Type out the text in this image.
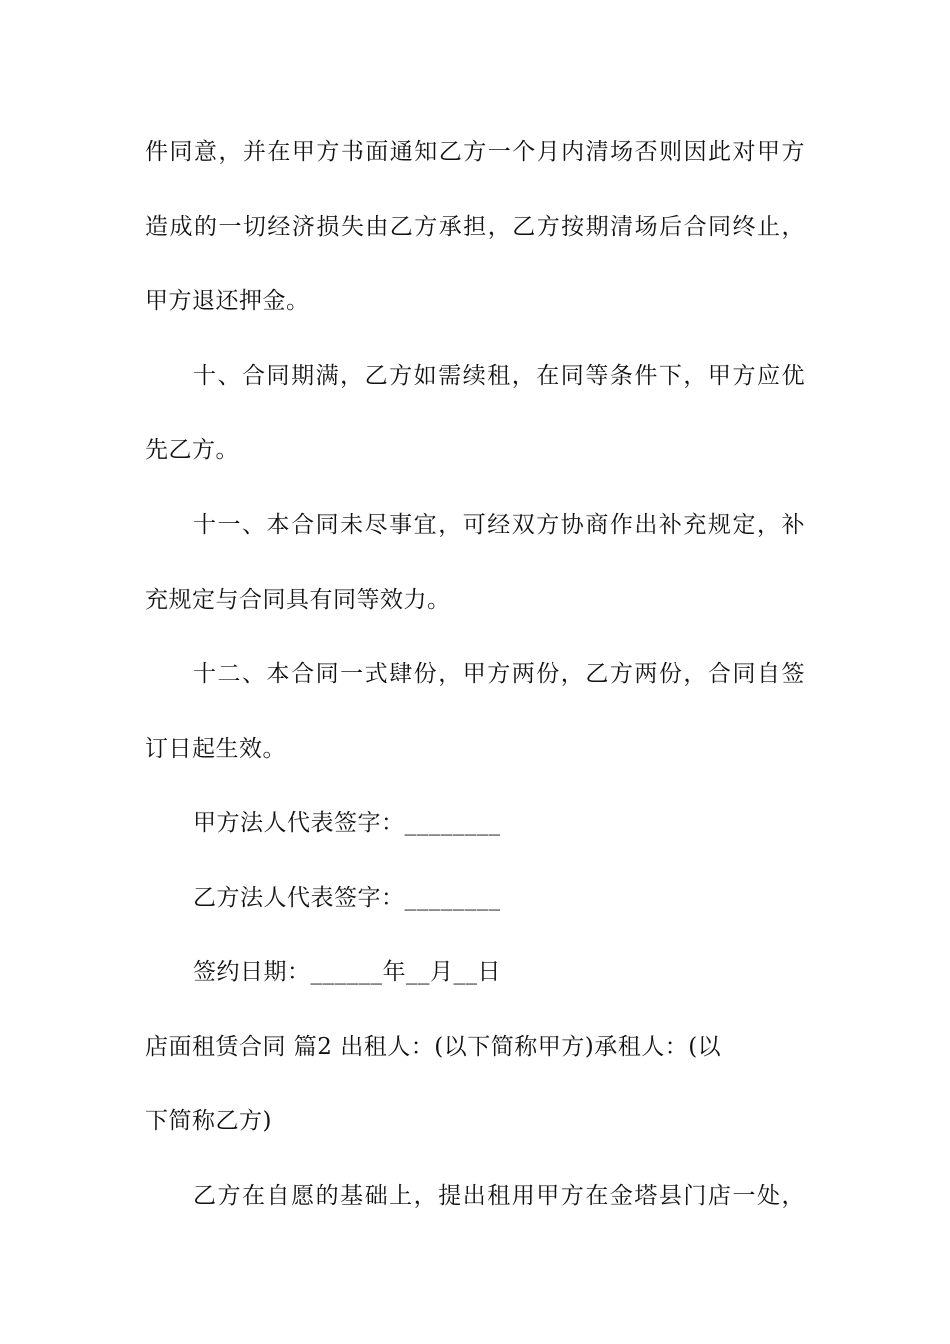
件同意，并在甲方书面通知乙方一个月内清场否则因此对甲方
造成的一切经济损失由乙方承担，乙方按期清场后合同终止，
甲方退还押金。
十、合同期满，乙方如需续租，在同等条件下，甲方应优
先乙方。
十一、本合同未尽事宜，可经双方协商作出补充规定，补
充规定与合同具有同等效力。
十二、本合同一式肆份，甲方两份，乙方两份，合同自签
订日起生效。
甲方法人代表签字：________
乙方法人代表签字：________
签约日期：______年__月__日
店面租赁合同 篇2 出租人：(以下简称甲方)承租人：(以
下简称乙方)
乙方在自愿的基础上，提出租用甲方在金塔县门店一处，
